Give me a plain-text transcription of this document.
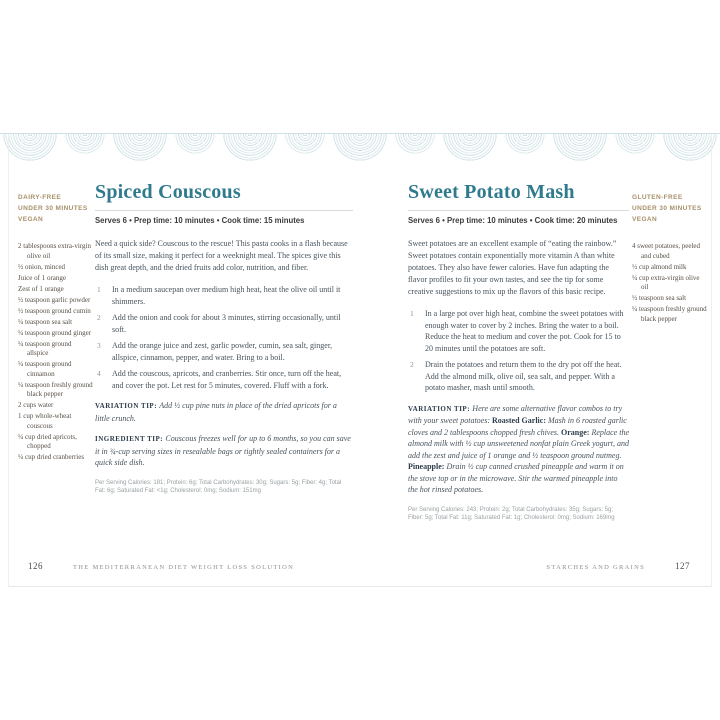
DAIRY-FREE
UNDER 30 MINUTES
VEGAN
2 tablespoons extra-virgin olive oil
½ onion, minced
Juice of 1 orange
Zest of 1 orange
½ teaspoon garlic powder
½ teaspoon ground cumin
¼ teaspoon sea salt
¼ teaspoon ground ginger
¼ teaspoon ground allspice
¼ teaspoon ground cinnamon
¼ teaspoon freshly ground black pepper
2 cups water
1 cup whole-wheat couscous
¼ cup dried apricots, chopped
¼ cup dried cranberries
Spiced Couscous
Serves 6 • Prep time: 10 minutes • Cook time: 15 minutes

Need a quick side? Couscous to the rescue! This pasta cooks in a flash because of its small size, making it perfect for a weeknight meal. The spices give this dish great depth, and the dried fruits add color, nutrition, and fiber.

In a medium saucepan over medium high heat, heat the olive oil until it shimmers.
Add the onion and cook for about 3 minutes, stirring occasionally, until soft.
Add the orange juice and zest, garlic powder, cumin, sea salt, ginger, allspice, cinnamon, pepper, and water. Bring to a boil.
Add the couscous, apricots, and cranberries. Stir once, turn off the heat, and cover the pot. Let rest for 5 minutes, covered. Fluff with a fork.

VARIATION TIP: Add ½ cup pine nuts in place of the dried apricots for a little crunch.

INGREDIENT TIP: Couscous freezes well for up to 6 months, so you can save it in ¾-cup serving sizes in resealable bags or tightly sealed containers for a quick side dish.

Per Serving Calories: 181; Protein: 6g; Total Carbohydrates: 30g; Sugars: 5g; Fiber: 4g; Total Fat: 6g; Saturated Fat: <1g; Cholesterol: 0mg; Sodium: 151mg

Sweet Potato Mash
Serves 6 • Prep time: 10 minutes • Cook time: 20 minutes

Sweet potatoes are an excellent example of “eating the rainbow.” Sweet potatoes contain exponentially more vitamin A than white potatoes. They also have fewer calories. Have fun adapting the flavor profiles to fit your own tastes, and see the tip for some creative suggestions to mix up the flavors of this basic recipe.

In a large pot over high heat, combine the sweet potatoes with enough water to cover by 2 inches. Bring the water to a boil. Reduce the heat to medium and cover the pot. Cook for 15 to 20 minutes until the potatoes are soft.
Drain the potatoes and return them to the dry pot off the heat. Add the almond milk, olive oil, sea salt, and pepper. With a potato masher, mash until smooth.

VARIATION TIP: Here are some alternative flavor combos to try with your sweet potatoes: Roasted Garlic: Mash in 6 roasted garlic cloves and 2 tablespoons chopped fresh chives. Orange: Replace the almond milk with ½ cup unsweetened nonfat plain Greek yogurt, and add the zest and juice of 1 orange and ½ teaspoon ground nutmeg. Pineapple: Drain ½ cup canned crushed pineapple and warm it on the stove top or in the microwave. Stir the warmed pineapple into the hot rinsed potatoes.

Per Serving Calories: 243; Protein: 2g; Total Carbohydrates: 35g; Sugars: 5g; Fiber: 5g; Total Fat: 11g; Saturated Fat: 1g; Cholesterol: 0mg; Sodium: 169mg

GLUTEN-FREE
UNDER 30 MINUTES
VEGAN
4 sweet potatoes, peeled and cubed
½ cup almond milk
¼ cup extra-virgin olive oil
½ teaspoon sea salt
¼ teaspoon freshly ground black pepper
126	THE MEDITERRANEAN DIET WEIGHT LOSS SOLUTION	STARCHES AND GRAINS	127
